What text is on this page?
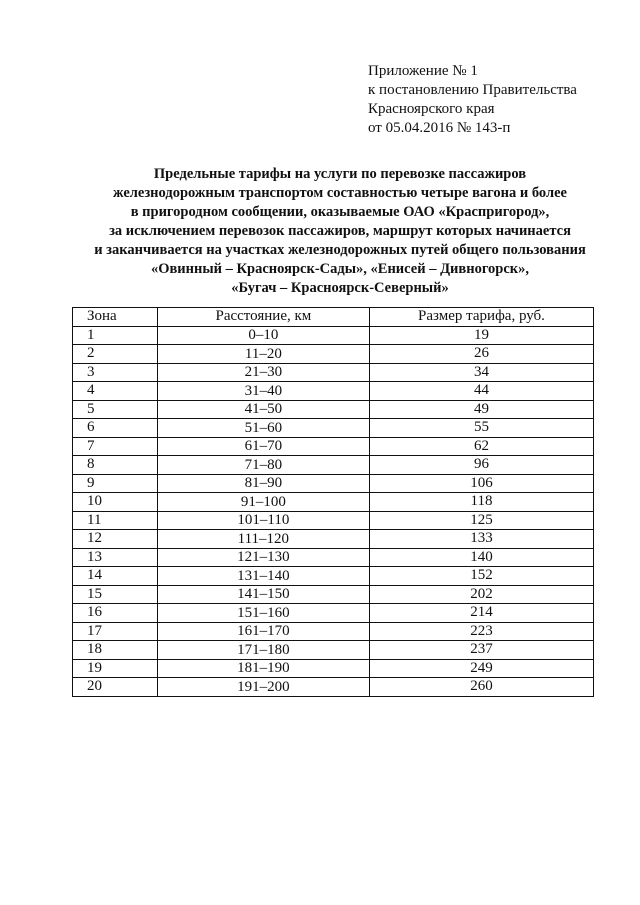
Приложение № 1
к постановлению Правительства
Красноярского края
от 05.04.2016 № 143-п
Предельные тарифы на услуги по перевозке пассажиров
железнодорожным транспортом составностью четыре вагона и более
в пригородном сообщении, оказываемые ОАО «Краспригород»,
за исключением перевозок пассажиров, маршрут которых начинается
и заканчивается на участках железнодорожных путей общего пользования
«Овинный – Красноярск-Сады», «Енисей – Дивногорск»,
«Бугач – Красноярск-Северный»
Зона	Расстояние, км	Размер тарифа, руб.
1	0–10	19
2	11–20	26
3	21–30	34
4	31–40	44
5	41–50	49
6	51–60	55
7	61–70	62
8	71–80	96
9	81–90	106
10	91–100	118
11	101–110	125
12	111–120	133
13	121–130	140
14	131–140	152
15	141–150	202
16	151–160	214
17	161–170	223
18	171–180	237
19	181–190	249
20	191–200	260
